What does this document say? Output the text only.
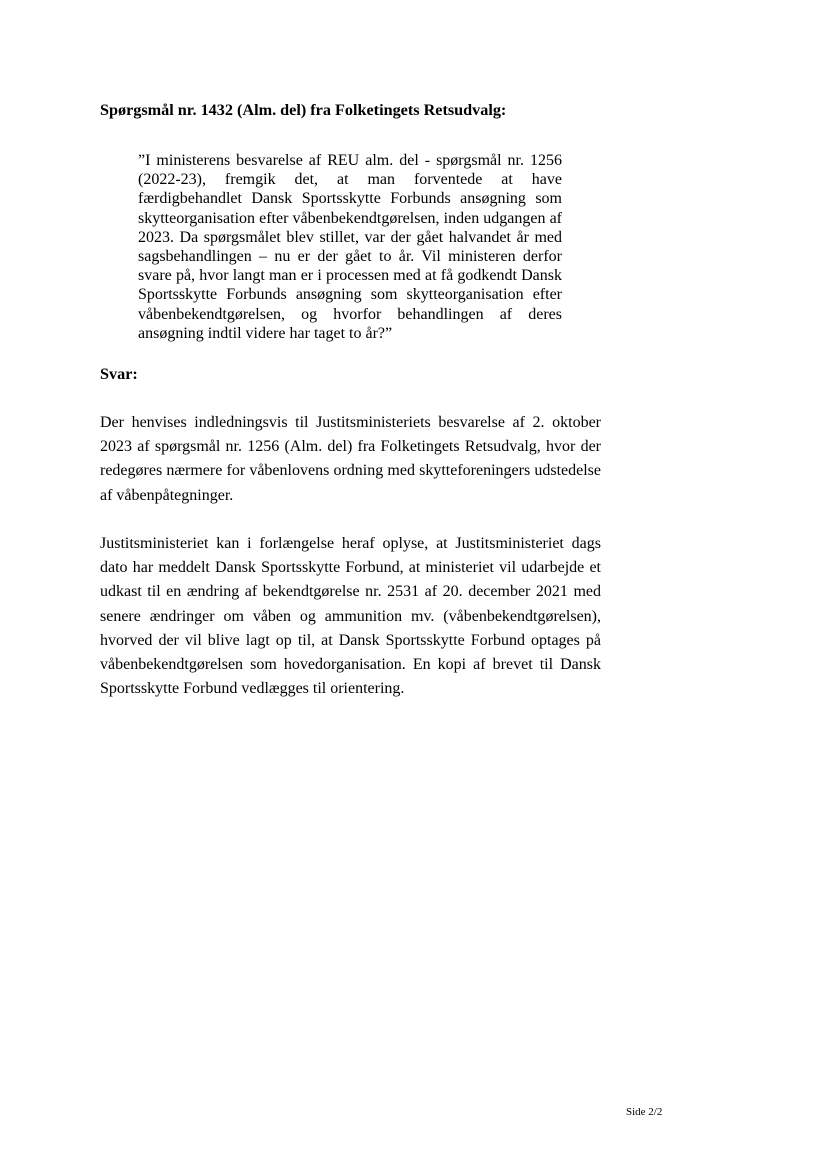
Spørgsmål nr. 1432 (Alm. del) fra Folketingets Retsudvalg:

”I ministerens besvarelse af REU alm. del - spørgsmål nr. 1256 (2022-23), fremgik det, at man forventede at have færdigbehandlet Dansk Sportsskytte Forbunds ansøgning som skytteorganisation efter våbenbekendtgørelsen, inden udgangen af 2023. Da spørgsmålet blev stillet, var der gået halvandet år med sagsbehandlingen – nu er der gået to år. Vil ministeren derfor svare på, hvor langt man er i processen med at få godkendt Dansk Sportsskytte Forbunds ansøgning som skytteorganisation efter våbenbekendtgørelsen, og hvorfor behandlingen af deres ansøgning indtil videre har taget to år?”

Svar:

Der henvises indledningsvis til Justitsministeriets besvarelse af 2. oktober 2023 af spørgsmål nr. 1256 (Alm. del) fra Folketingets Retsudvalg, hvor der redegøres nærmere for våbenlovens ordning med skytteforeningers udstedelse af våbenpåtegninger.

Justitsministeriet kan i forlængelse heraf oplyse, at Justitsministeriet dags dato har meddelt Dansk Sportsskytte Forbund, at ministeriet vil udarbejde et udkast til en ændring af bekendtgørelse nr. 2531 af 20. december 2021 med senere ændringer om våben og ammunition mv. (våbenbekendtgørelsen), hvorved der vil blive lagt op til, at Dansk Sportsskytte Forbund optages på våbenbekendtgørelsen som hovedorganisation. En kopi af brevet til Dansk Sportsskytte Forbund vedlægges til orientering.

Side 2/2
